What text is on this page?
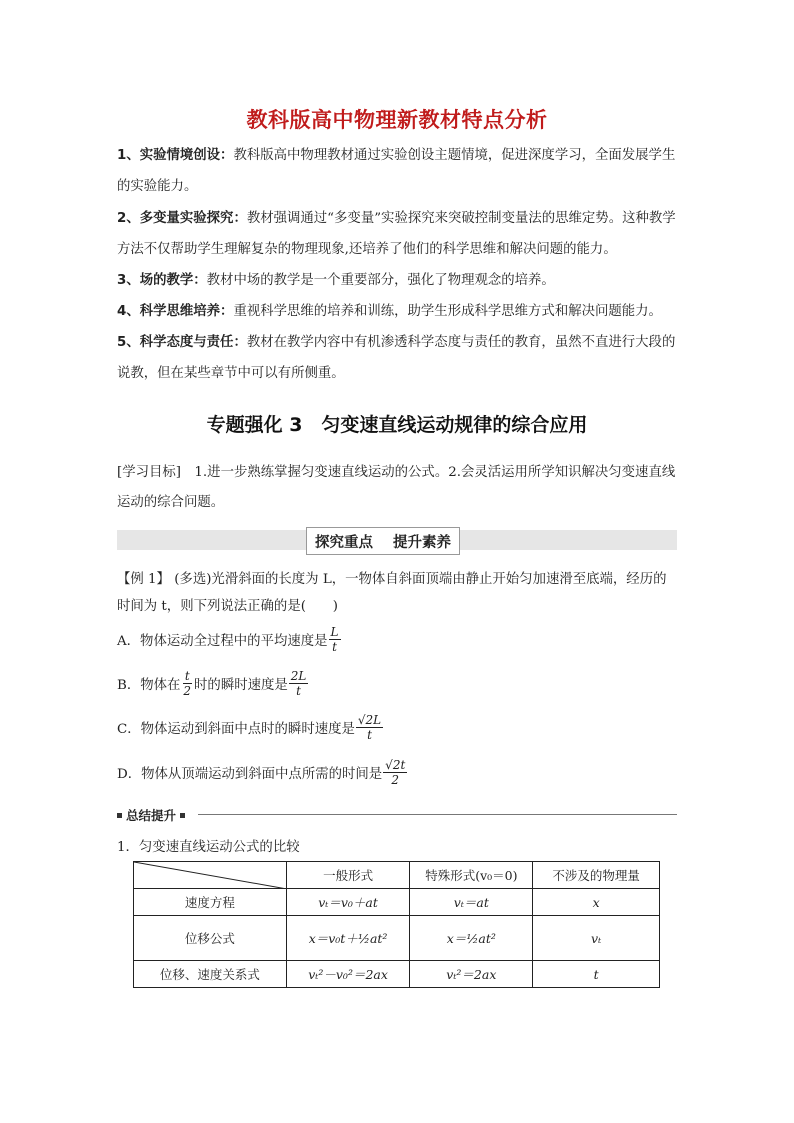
教科版高中物理新教材特点分析
1、实验情境创设：教科版高中物理教材通过实验创设主题情境，促进深度学习，全面发展学生的实验能力。
2、多变量实验探究：教材强调通过“多变量”实验探究来突破控制变量法的思维定势。这种教学方法不仅帮助学生理解复杂的物理现象,还培养了他们的科学思维和解决问题的能力。
3、场的教学：教材中场的教学是一个重要部分，强化了物理观念的培养。
4、科学思维培养：重视科学思维的培养和训练，助学生形成科学思维方式和解决问题能力。
5、科学态度与责任：教材在教学内容中有机渗透科学态度与责任的教育，虽然不直进行大段的说教，但在某些章节中可以有所侧重。
专题强化 3　匀变速直线运动规律的综合应用
[学习目标]　1.进一步熟练掌握匀变速直线运动的公式。2.会灵活运用所学知识解决匀变速直线运动的综合问题。
探究重点 提升素养
【例 1】 (多选)光滑斜面的长度为 L，一物体自斜面顶端由静止开始匀加速滑至底端，经历的时间为 t，则下列说法正确的是(　　)
A．物体运动全过程中的平均速度是 $\frac{L}{t}$
B．物体在 $\frac{t}{2}$ 时的瞬时速度是 $\frac{2L}{t}$
C．物体运动到斜面中点时的瞬时速度是 $\frac{√2L}{t}$
D．物体从顶端运动到斜面中点所需的时间是 $\frac{√2t}{2}$
总结提升
1．匀变速直线运动公式的比较
	一般形式	特殊形式(v₀＝0)	不涉及的物理量
速度方程	vₜ＝v₀＋at	vₜ＝at	x
位移公式	x＝v₀t＋½at²	x＝½at²	vₜ
位移、速度关系式	vₜ²－v₀²＝2ax	vₜ²＝2ax	t
